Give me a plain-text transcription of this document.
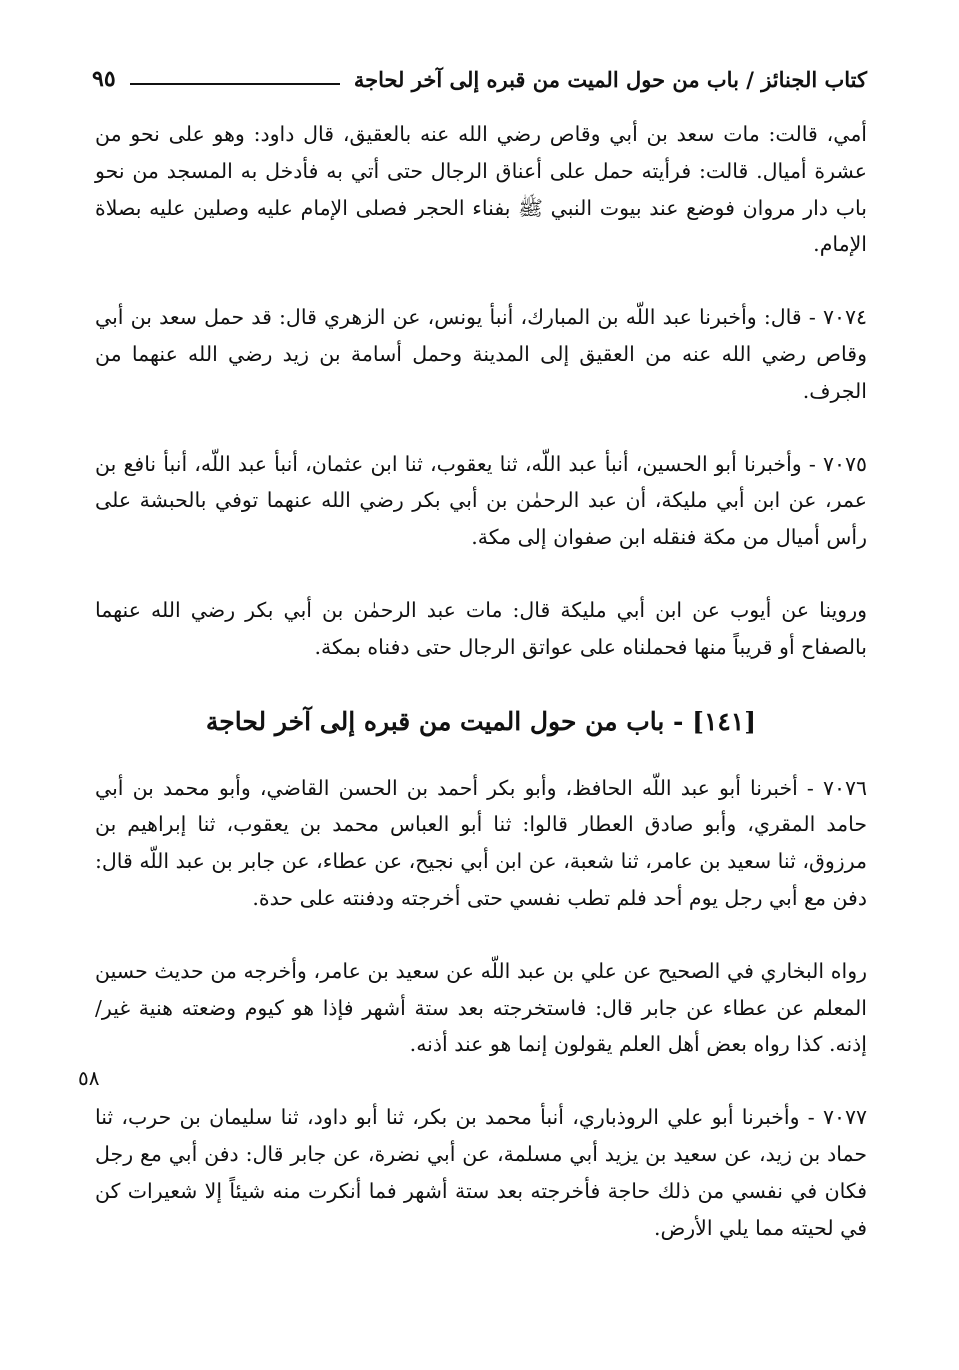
كتاب الجنائز / باب من حول الميت من قبره إلى آخر لحاجة
٩٥

أمي، قالت: مات سعد بن أبي وقاص رضي الله عنه بالعقيق، قال داود: وهو على نحو من عشرة أميال. قالت: فرأيته حمل على أعناق الرجال حتى أتي به فأدخل به المسجد من نحو باب دار مروان فوضع عند بيوت النبي ﷺ بفناء الحجر فصلى الإمام عليه وصلين عليه بصلاة الإمام.

٧٠٧٤ - قال: وأخبرنا عبد اللّه بن المبارك، أنبأ يونس، عن الزهري قال: قد حمل سعد بن أبي وقاص رضي الله عنه من العقيق إلى المدينة وحمل أسامة بن زيد رضي الله عنهما من الجرف.

٧٠٧٥ - وأخبرنا أبو الحسين، أنبأ عبد اللّه، ثنا يعقوب، ثنا ابن عثمان، أنبأ عبد اللّه، أنبأ نافع بن عمر، عن ابن أبي مليكة، أن عبد الرحمٰن بن أبي بكر رضي الله عنهما توفي بالحبشة على رأس أميال من مكة فنقله ابن صفوان إلى مكة.

وروينا عن أيوب عن ابن أبي مليكة قال: مات عبد الرحمٰن بن أبي بكر رضي الله عنهما بالصفاح أو قريباً منها فحملناه على عواتق الرجال حتى دفناه بمكة.

[١٤١] - باب من حول الميت من قبره إلى آخر لحاجة

٧٠٧٦ - أخبرنا أبو عبد اللّه الحافظ، وأبو بكر أحمد بن الحسن القاضي، وأبو محمد بن أبي حامد المقري، وأبو صادق العطار قالوا: ثنا أبو العباس محمد بن يعقوب، ثنا إبراهيم بن مرزوق، ثنا سعيد بن عامر، ثنا شعبة، عن ابن أبي نجيح، عن عطاء، عن جابر بن عبد اللّه قال: دفن مع أبي رجل يوم أحد فلم تطب نفسي حتى أخرجته ودفنته على حدة.

رواه البخاري في الصحيح عن علي بن عبد اللّه عن سعيد بن عامر، وأخرجه من حديث حسين المعلم عن عطاء عن جابر قال: فاستخرجته بعد ستة أشهر فإذا هو كيوم وضعته هنية غير/ إذنه. كذا رواه بعض أهل العلم يقولون إنما هو عند أذنه.

٧٠٧٧ - وأخبرنا أبو علي الروذباري، أنبأ محمد بن بكر، ثنا أبو داود، ثنا سليمان بن حرب، ثنا حماد بن زيد، عن سعيد بن يزيد أبي مسلمة، عن أبي نضرة، عن جابر قال: دفن أبي مع رجل فكان في نفسي من ذلك حاجة فأخرجته بعد ستة أشهر فما أنكرت منه شيئاً إلا شعيرات كن في لحيته مما يلي الأرض.

٥٨
